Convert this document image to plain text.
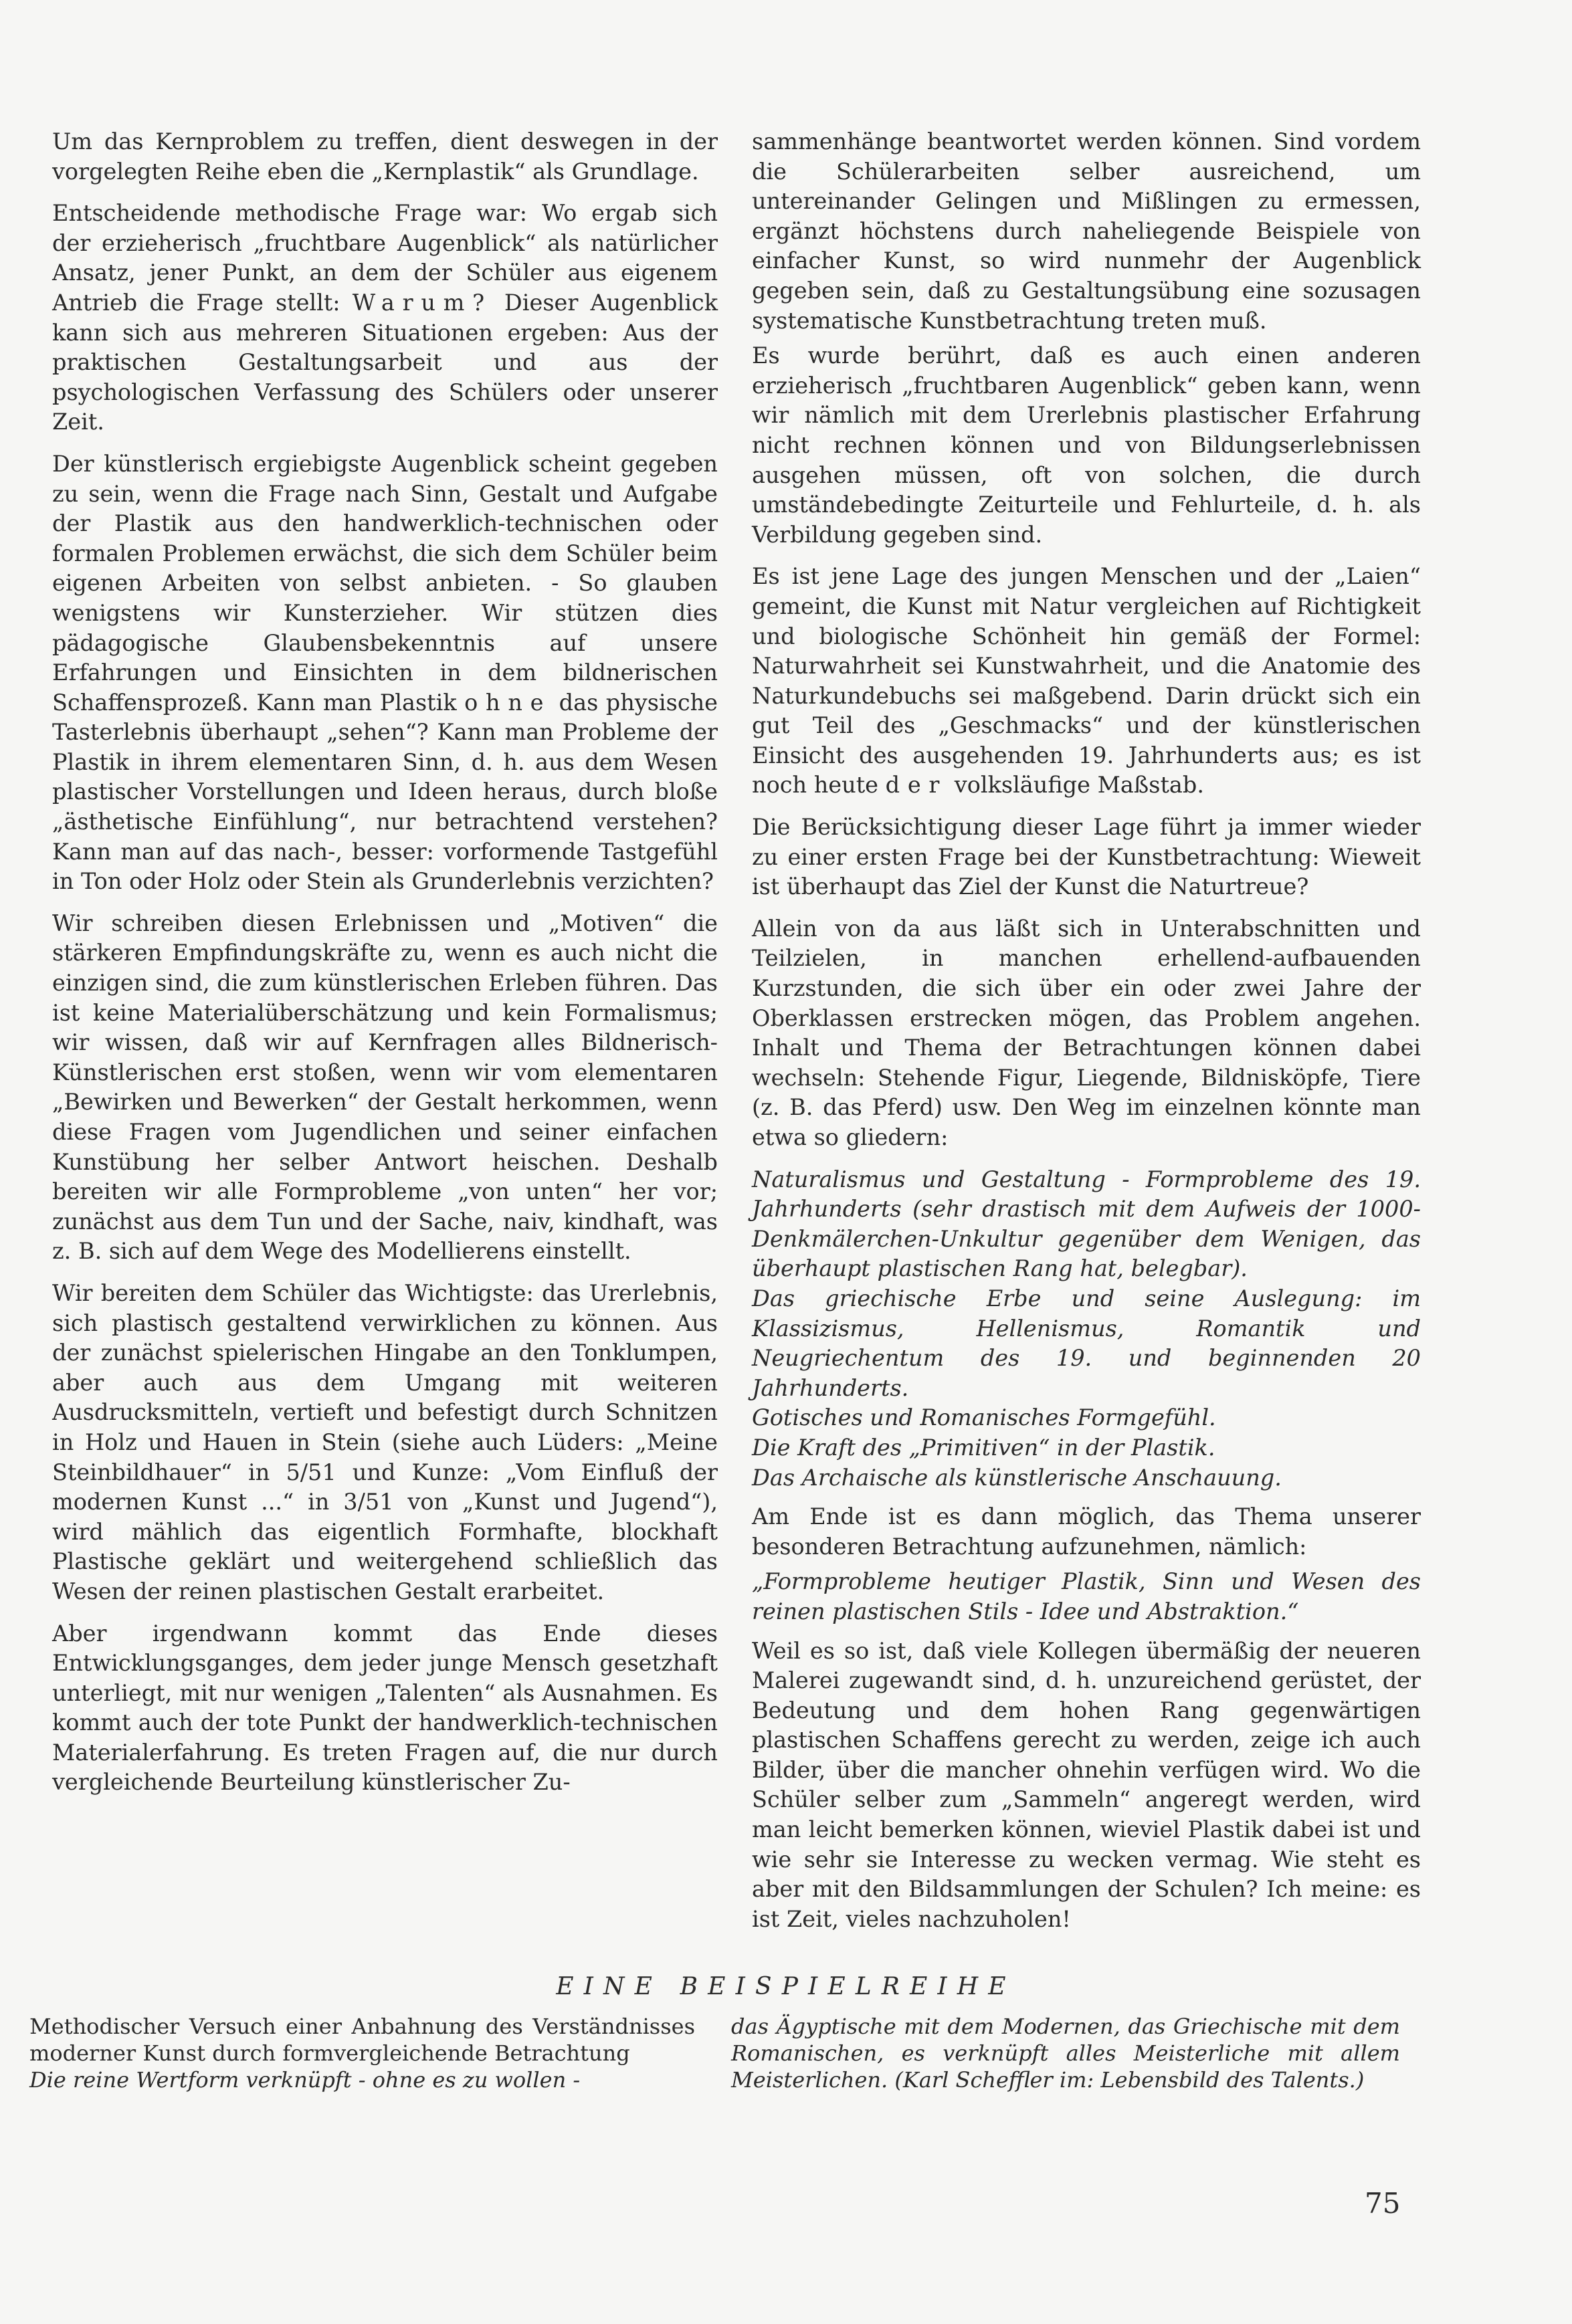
Um das Kernproblem zu treffen, dient deswegen in der vorgelegten Reihe eben die „Kernplastik“ als Grundlage.

Entscheidende methodische Frage war: Wo ergab sich der erzieherisch „fruchtbare Augenblick“ als natürlicher Ansatz, jener Punkt, an dem der Schüler aus eigenem Antrieb die Frage stellt: Warum? Dieser Augenblick kann sich aus mehreren Situationen ergeben: Aus der praktischen Gestaltungsarbeit und aus der psychologischen Verfassung des Schülers oder unserer Zeit.

Der künstlerisch ergiebigste Augenblick scheint gegeben zu sein, wenn die Frage nach Sinn, Gestalt und Aufgabe der Plastik aus den handwerklich-technischen oder formalen Problemen erwächst, die sich dem Schüler beim eigenen Arbeiten von selbst anbieten. - So glauben wenigstens wir Kunsterzieher. Wir stützen dies pädagogische Glaubensbekenntnis auf unsere Erfahrungen und Einsichten in dem bildnerischen Schaffensprozeß. Kann man Plastik ohne das physische Tasterlebnis überhaupt „sehen“? Kann man Probleme der Plastik in ihrem elementaren Sinn, d. h. aus dem Wesen plastischer Vorstellungen und Ideen heraus, durch bloße „ästhetische Einfühlung“, nur betrachtend verstehen? Kann man auf das nach-, besser: vorformende Tastgefühl in Ton oder Holz oder Stein als Grunderlebnis verzichten?

Wir schreiben diesen Erlebnissen und „Motiven“ die stärkeren Empfindungskräfte zu, wenn es auch nicht die einzigen sind, die zum künstlerischen Erleben führen. Das ist keine Materialüberschätzung und kein Formalismus; wir wissen, daß wir auf Kernfragen alles Bildnerisch-Künstlerischen erst stoßen, wenn wir vom elementaren „Bewirken und Bewerken“ der Gestalt herkommen, wenn diese Fragen vom Jugendlichen und seiner einfachen Kunstübung her selber Antwort heischen. Deshalb bereiten wir alle Formprobleme „von unten“ her vor; zunächst aus dem Tun und der Sache, naiv, kindhaft, was z. B. sich auf dem Wege des Modellierens einstellt.

Wir bereiten dem Schüler das Wichtigste: das Urerlebnis, sich plastisch gestaltend verwirklichen zu können. Aus der zunächst spielerischen Hingabe an den Tonklumpen, aber auch aus dem Umgang mit weiteren Ausdrucksmitteln, vertieft und befestigt durch Schnitzen in Holz und Hauen in Stein (siehe auch Lüders: „Meine Steinbildhauer“ in 5/51 und Kunze: „Vom Einfluß der modernen Kunst ...“ in 3/51 von „Kunst und Jugend“), wird mählich das eigentlich Formhafte, blockhaft Plastische geklärt und weitergehend schließlich das Wesen der reinen plastischen Gestalt erarbeitet.

Aber irgendwann kommt das Ende dieses Entwicklungsganges, dem jeder junge Mensch gesetzhaft unterliegt, mit nur wenigen „Talenten“ als Ausnahmen. Es kommt auch der tote Punkt der handwerklich-technischen Materialerfahrung. Es treten Fragen auf, die nur durch vergleichende Beurteilung künstlerischer Zu-

sammenhänge beantwortet werden können. Sind vordem die Schülerarbeiten selber ausreichend, um untereinander Gelingen und Mißlingen zu ermessen, ergänzt höchstens durch naheliegende Beispiele von einfacher Kunst, so wird nunmehr der Augenblick gegeben sein, daß zu Gestaltungsübung eine sozusagen systematische Kunstbetrachtung treten muß.

Es wurde berührt, daß es auch einen anderen erzieherisch „fruchtbaren Augenblick“ geben kann, wenn wir nämlich mit dem Urerlebnis plastischer Erfahrung nicht rechnen können und von Bildungserlebnissen ausgehen müssen, oft von solchen, die durch umständebedingte Zeiturteile und Fehlurteile, d. h. als Verbildung gegeben sind.

Es ist jene Lage des jungen Menschen und der „Laien“ gemeint, die Kunst mit Natur vergleichen auf Richtigkeit und biologische Schönheit hin gemäß der Formel: Naturwahrheit sei Kunstwahrheit, und die Anatomie des Naturkundebuchs sei maßgebend. Darin drückt sich ein gut Teil des „Geschmacks“ und der künstlerischen Einsicht des ausgehenden 19. Jahrhunderts aus; es ist noch heute der volksläufige Maßstab.

Die Berücksichtigung dieser Lage führt ja immer wieder zu einer ersten Frage bei der Kunstbetrachtung: Wieweit ist überhaupt das Ziel der Kunst die Naturtreue?

Allein von da aus läßt sich in Unterabschnitten und Teilzielen, in manchen erhellend-aufbauenden Kurzstunden, die sich über ein oder zwei Jahre der Oberklassen erstrecken mögen, das Problem angehen. Inhalt und Thema der Betrachtungen können dabei wechseln: Stehende Figur, Liegende, Bildnisköpfe, Tiere (z. B. das Pferd) usw. Den Weg im einzelnen könnte man etwa so gliedern:

Naturalismus und Gestaltung - Formprobleme des 19. Jahrhunderts (sehr drastisch mit dem Aufweis der 1000-Denkmälerchen-Unkultur gegenüber dem Wenigen, das überhaupt plastischen Rang hat, belegbar).

Das griechische Erbe und seine Auslegung: im Klassizismus, Hellenismus, Romantik und Neugriechentum des 19. und beginnenden 20 Jahrhunderts.

Gotisches und Romanisches Formgefühl.

Die Kraft des „Primitiven“ in der Plastik.

Das Archaische als künstlerische Anschauung.

Am Ende ist es dann möglich, das Thema unserer besonderen Betrachtung aufzunehmen, nämlich:

„Formprobleme heutiger Plastik, Sinn und Wesen des reinen plastischen Stils - Idee und Abstraktion.“

Weil es so ist, daß viele Kollegen übermäßig der neueren Malerei zugewandt sind, d. h. unzureichend gerüstet, der Bedeutung und dem hohen Rang gegenwärtigen plastischen Schaffens gerecht zu werden, zeige ich auch Bilder, über die mancher ohnehin verfügen wird. Wo die Schüler selber zum „Sammeln“ angeregt werden, wird man leicht bemerken können, wieviel Plastik dabei ist und wie sehr sie Interesse zu wecken vermag. Wie steht es aber mit den Bildsammlungen der Schulen? Ich meine: es ist Zeit, vieles nachzuholen!

EINE BEISPIELREIHE

Methodischer Versuch einer Anbahnung des Verständnisses moderner Kunst durch formvergleichende Betrachtung

Die reine Wertform verknüpft - ohne es zu wollen -

das Ägyptische mit dem Modernen, das Griechische mit dem Romanischen, es verknüpft alles Meisterliche mit allem Meisterlichen. (Karl Scheffler im: Lebensbild des Talents.)

75
